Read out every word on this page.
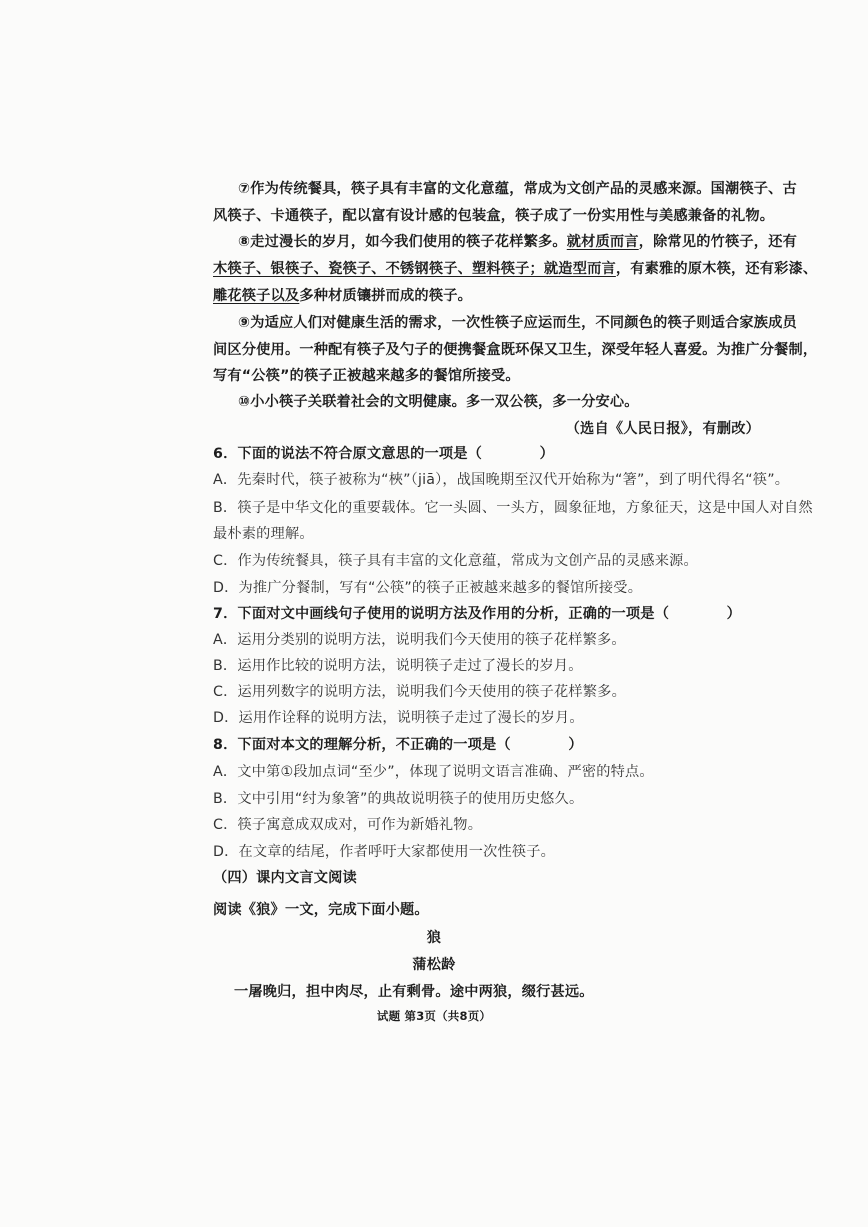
⑦作为传统餐具，筷子具有丰富的文化意蕴，常成为文创产品的灵感来源。国潮筷子、古
风筷子、卡通筷子，配以富有设计感的包装盒，筷子成了一份实用性与美感兼备的礼物。
⑧走过漫长的岁月，如今我们使用的筷子花样繁多。就材质而言，除常见的竹筷子，还有
木筷子、银筷子、瓷筷子、不锈钢筷子、塑料筷子；就造型而言，有素雅的原木筷，还有彩漆、
雕花筷子以及多种材质镶拼而成的筷子。
⑨为适应人们对健康生活的需求，一次性筷子应运而生，不同颜色的筷子则适合家族成员
间区分使用。一种配有筷子及勺子的便携餐盒既环保又卫生，深受年轻人喜爱。为推广分餐制，
写有“公筷”的筷子正被越来越多的餐馆所接受。
⑩小小筷子关联着社会的文明健康。多一双公筷，多一分安心。
（选自《人民日报》，有删改）
6．下面的说法不符合原文意思的一项是（　　　　）
A．先秦时代，筷子被称为“梜”（jiā），战国晚期至汉代开始称为“箸”，到了明代得名“筷”。
B．筷子是中华文化的重要载体。它一头圆、一头方，圆象征地，方象征天，这是中国人对自然
最朴素的理解。
C．作为传统餐具，筷子具有丰富的文化意蕴，常成为文创产品的灵感来源。
D．为推广分餐制，写有“公筷”的筷子正被越来越多的餐馆所接受。
7．下面对文中画线句子使用的说明方法及作用的分析，正确的一项是（　　　　）
A．运用分类别的说明方法，说明我们今天使用的筷子花样繁多。
B．运用作比较的说明方法，说明筷子走过了漫长的岁月。
C．运用列数字的说明方法，说明我们今天使用的筷子花样繁多。
D．运用作诠释的说明方法，说明筷子走过了漫长的岁月。
8．下面对本文的理解分析，不正确的一项是（　　　　）
A．文中第①段加点词“至少”，体现了说明文语言准确、严密的特点。
B．文中引用“纣为象箸”的典故说明筷子的使用历史悠久。
C．筷子寓意成双成对，可作为新婚礼物。
D．在文章的结尾，作者呼吁大家都使用一次性筷子。
（四）课内文言文阅读
阅读《狼》一文，完成下面小题。
狼
蒲松龄
一屠晚归，担中肉尽，止有剩骨。途中两狼，缀行甚远。
试题 第3页（共8页）
